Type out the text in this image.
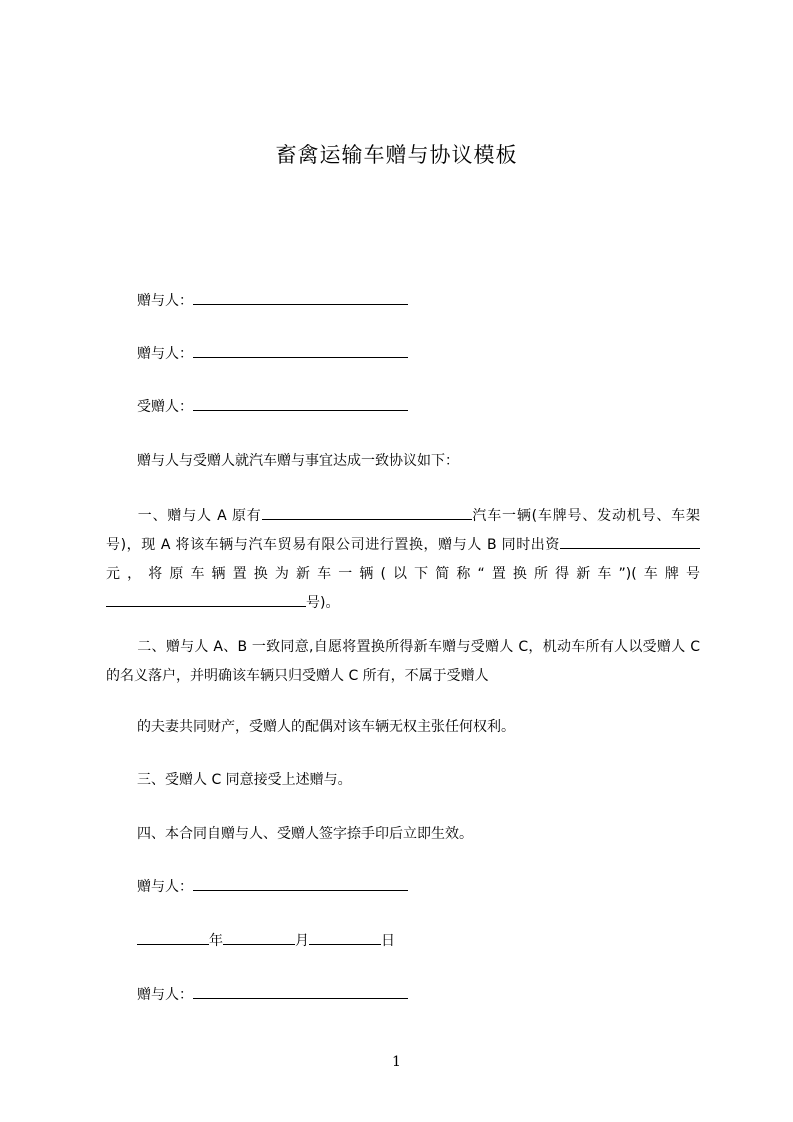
畜禽运输车赠与协议模板
赠与人：
赠与人：
受赠人：
赠与人与受赠人就汽车赠与事宜达成一致协议如下：
一、赠与人 A 原有	汽车一辆(车牌号、发动机号、车架号)，现 A 将该车辆与汽车贸易有限公司进行置换，赠与人 B 同时出资元，将原车辆置换为新车一辆(以下简称“置换所得新车”)(车牌号号)。
二、赠与人 A、B 一致同意,自愿将置换所得新车赠与受赠人 C，机动车所有人以受赠人 C 的名义落户，并明确该车辆只归受赠人 C 所有，不属于受赠人
的夫妻共同财产，受赠人的配偶对该车辆无权主张任何权利。
三、受赠人 C 同意接受上述赠与。
四、本合同自赠与人、受赠人签字捺手印后立即生效。
赠与人：
年	月	日
赠与人：
1
